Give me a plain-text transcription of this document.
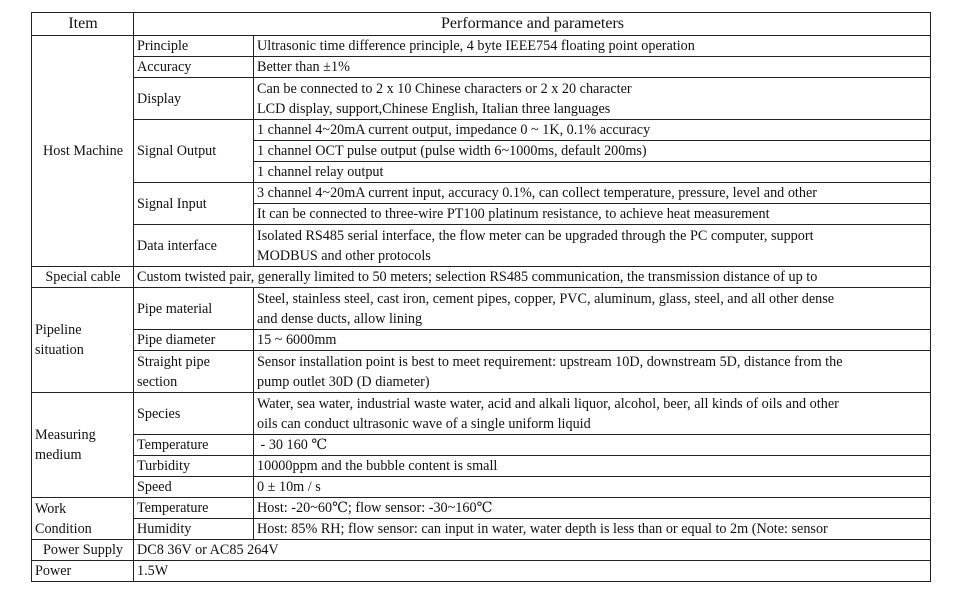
Item	Performance and parameters	
Host Machine	Principle	Ultrasonic time difference principle, 4 byte IEEE754 floating point operation
	Accuracy	Better than ±1%
	Display	Can be connected to 2 x 10 Chinese characters or 2 x 20 character
LCD display, support,Chinese English, Italian three languages
	Signal Output	1 channel 4~20mA current output, impedance 0 ~ 1K, 0.1% accuracy
		1 channel OCT pulse output (pulse width 6~1000ms, default 200ms)
		1 channel relay output
	Signal Input	3 channel 4~20mA current input, accuracy 0.1%, can collect temperature, pressure, level and other
		It can be connected to three-wire PT100 platinum resistance, to achieve heat measurement
	Data interface	Isolated RS485 serial interface, the flow meter can be upgraded through the PC computer, support
MODBUS and other protocols
Special cable	Custom twisted pair, generally limited to 50 meters; selection RS485 communication, the transmission distance of up to	
Pipeline
situation	Pipe material	Steel, stainless steel, cast iron, cement pipes, copper, PVC, aluminum, glass, steel, and all other dense
and dense ducts, allow lining
	Pipe diameter	15 ~ 6000mm
	Straight pipe
section	Sensor installation point is best to meet requirement: upstream 10D, downstream 5D, distance from the
pump outlet 30D (D diameter)
Measuring
medium	Species	Water, sea water, industrial waste water, acid and alkali liquor, alcohol, beer, all kinds of oils and other
oils can conduct ultrasonic wave of a single uniform liquid
	Temperature	- 30 160 ℃
	Turbidity	10000ppm and the bubble content is small
	Speed	0 ± 10m / s
Work
Condition	Temperature	Host: -20~60℃; flow sensor: -30~160℃
	Humidity	Host: 85% RH; flow sensor: can input in water, water depth is less than or equal to 2m (Note: sensor
Power Supply	DC8 36V or AC85 264V	
Power	1.5W	
